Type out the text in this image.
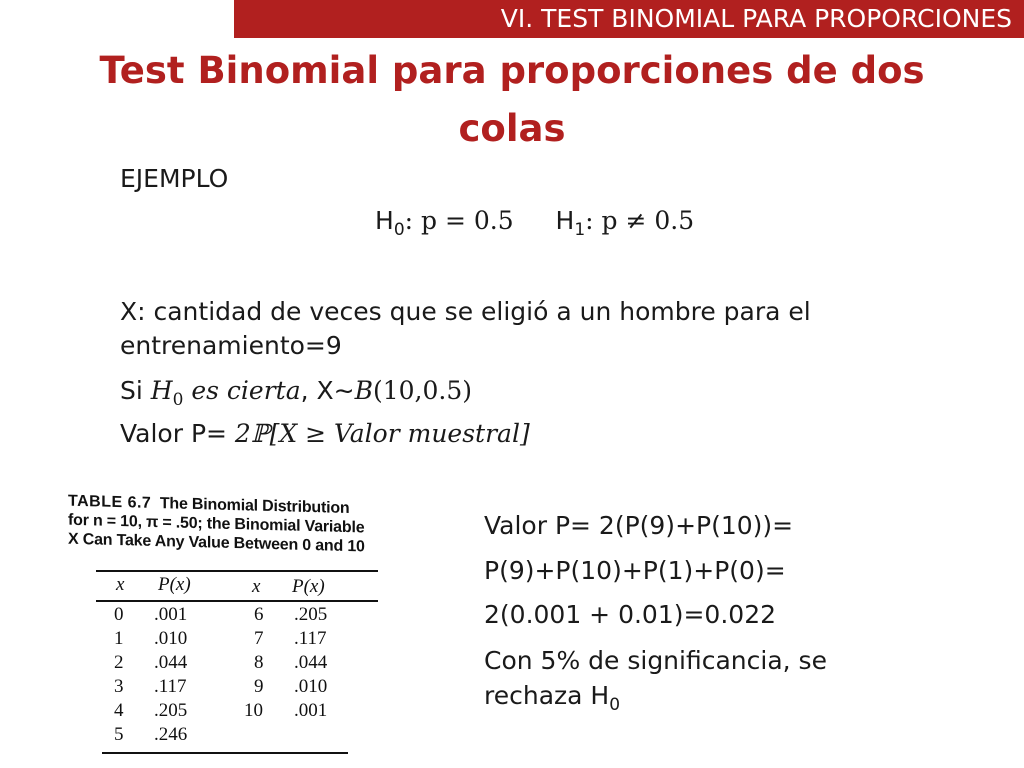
VI. TEST BINOMIAL PARA PROPORCIONES
Test Binomial para proporciones de dos
colas
EJEMPLO
$H_0$: p = 0.5 $H_1$: p ≠ 0.5
X: cantidad de veces que se eligió a un hombre para el
entrenamiento=9
Si $H_0$ es cierta, X∼B(10,0.5)
Valor P= 2ℙ[X ≥ Valor muestral]
Valor P= 2(P(9)+P(10))=
P(9)+P(10)+P(1)+P(0)=
2(0.001 + 0.01)=0.022
Con 5% de significancia, se
rechaza $H_0$
TABLE 6.7 The Binomial Distribution
for n = 10, π = .50; the Binomial Variable
X Can Take Any Value Between 0 and 10
x P(x)	x P(x)
0 .001
1 .010
2 .044
3 .117
4 .205
5 .246
6 .205
7 .117
8 .044
9 .010
10 .001
